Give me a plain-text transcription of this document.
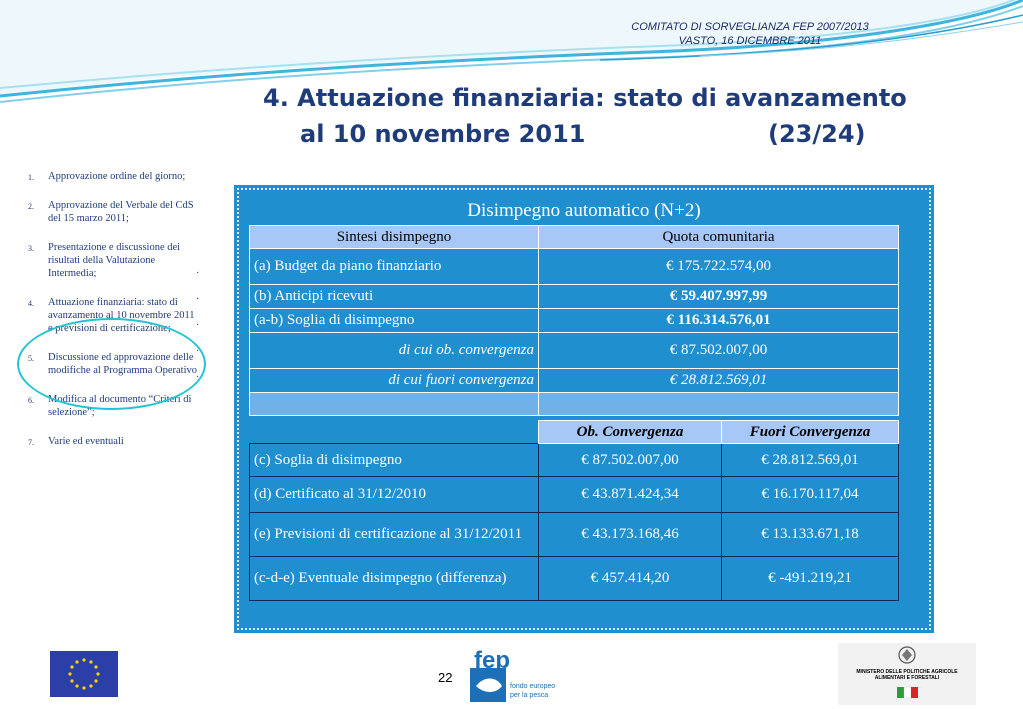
COMITATO DI SORVEGLIANZA FEP 2007/2013
VASTO, 16 DICEMBRE 2011
4. Attuazione finanziaria: stato di avanzamento
al 10 novembre 2011	(23/24)
1. Approvazione ordine del giorno;
2. Approvazione del Verbale del CdS del 15 marzo 2011;
3. Presentazione e discussione dei risultati della Valutazione Intermedia;
4. Attuazione finanziaria: stato di avanzamento al 10 novembre 2011 e previsioni di certificazione;
5. Discussione ed approvazione delle modifiche al Programma Operativo
6. Modifica al documento “Criteri di selezione”;
7. Varie ed eventuali
·
·
·
·
·
Disimpegno automatico (N+2)
Sintesi disimpegno	Quota comunitaria
(a) Budget da piano finanziario	€ 175.722.574,00
(b) Anticipi ricevuti	€ 59.407.997,99
(a-b) Soglia di disimpegno	€ 116.314.576,01
di cui ob. convergenza	€ 87.502.007,00
di cui fuori convergenza	€ 28.812.569,01

	Ob. Convergenza	Fuori Convergenza
(c) Soglia di disimpegno	€ 87.502.007,00	€ 28.812.569,01
(d) Certificato al 31/12/2010	€ 43.871.424,34	€ 16.170.117,04
(e) Previsioni di certificazione al 31/12/2011	€ 43.173.168,46	€ 13.133.671,18
(c-d-e) Eventuale disimpegno (differenza)	€ 457.414,20	€ -491.219,21
22
fep
fondo europeo
per la pesca
MINISTERO DELLE POLITICHE AGRICOLE ALIMENTARI E FORESTALI
